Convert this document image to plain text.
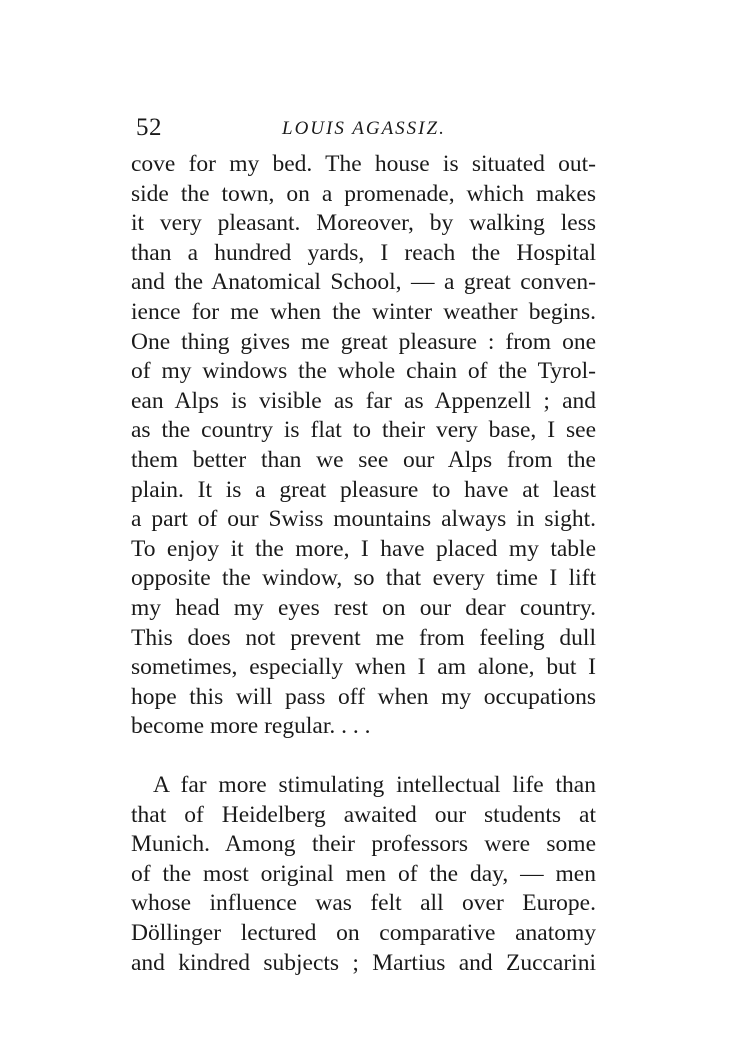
52	LOUIS AGASSIZ.
cove for my bed. The house is situated out-
side the town, on a promenade, which makes
it very pleasant. Moreover, by walking less
than a hundred yards, I reach the Hospital
and the Anatomical School, — a great conven-
ience for me when the winter weather begins.
One thing gives me great pleasure : from one
of my windows the whole chain of the Tyrol-
ean Alps is visible as far as Appenzell ; and
as the country is flat to their very base, I see
them better than we see our Alps from the
plain. It is a great pleasure to have at least
a part of our Swiss mountains always in sight.
To enjoy it the more, I have placed my table
opposite the window, so that every time I lift
my head my eyes rest on our dear country.
This does not prevent me from feeling dull
sometimes, especially when I am alone, but I
hope this will pass off when my occupations
become more regular. . . .
A far more stimulating intellectual life than
that of Heidelberg awaited our students at
Munich. Among their professors were some
of the most original men of the day, — men
whose influence was felt all over Europe.
Döllinger lectured on comparative anatomy
and kindred subjects ; Martius and Zuccarini
